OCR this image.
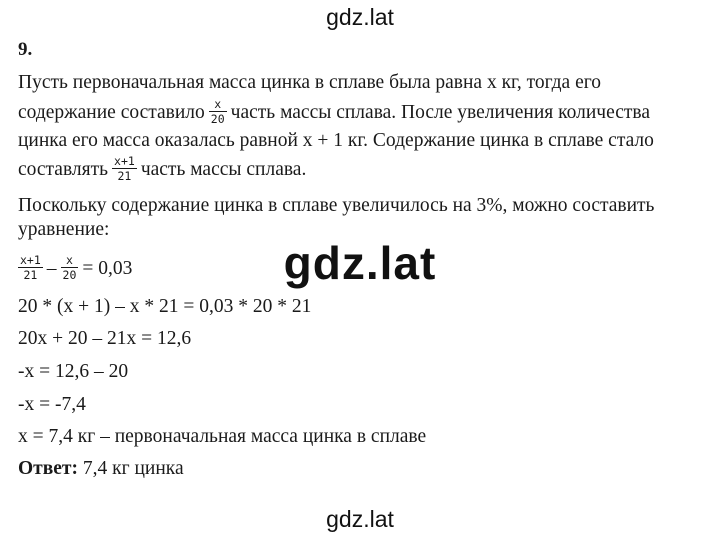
gdz.lat
gdz.lat
gdz.lat
9.
Пусть первоначальная масса цинка в сплаве была равна х кг, тогда его
содержание составило $\frac{x}{20}$ часть массы сплава. После увеличения количества
цинка его масса оказалась равной х + 1 кг. Содержание цинка в сплаве стало
составлять $\frac{x+1}{21}$ часть массы сплава.
Поскольку содержание цинка в сплаве увеличилось на 3%, можно составить
уравнение:
$\frac{x+1}{21} - \frac{x}{20} = 0,03$
20 * (х + 1) – х * 21 = 0,03 * 20 * 21
20х + 20 – 21х = 12,6
-х = 12,6 – 20
-х = -7,4
х = 7,4 кг – первоначальная масса цинка в сплаве
Ответ: 7,4 кг цинка
